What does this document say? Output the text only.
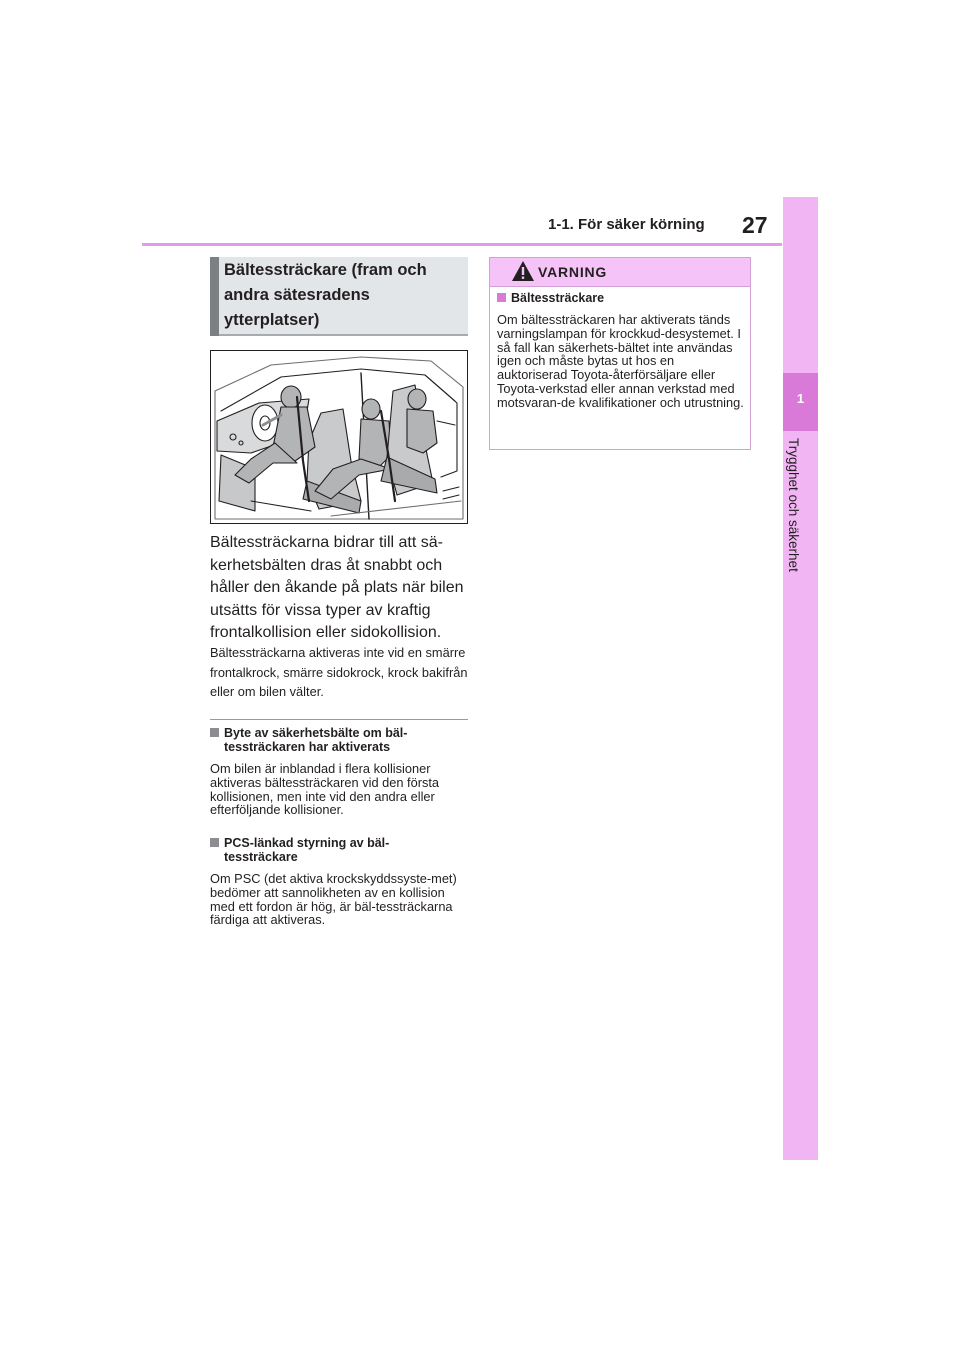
1-1. För säker körning 27
1
Trygghet och säkerhet
Bältessträckare (fram och andra sätesradens ytterplatser)
Bältessträckarna bidrar till att sä-kerhetsbälten dras åt snabbt och håller den åkande på plats när bilen utsätts för vissa typer av kraftig frontalkollision eller sidokollision.
Bältessträckarna aktiveras inte vid en smärre frontalkrock, smärre sidokrock, krock bakifrån eller om bilen välter.
Byte av säkerhetsbälte om bäl-
tessträckaren har aktiverats
Om bilen är inblandad i flera kollisioner aktiveras bältessträckaren vid den första kollisionen, men inte vid den andra eller efterföljande kollisioner.
PCS-länkad styrning av bäl-
tessträckare
Om PSC (det aktiva krockskyddssyste-met) bedömer att sannolikheten av en kollision med ett fordon är hög, är bäl-tessträckarna färdiga att aktiveras.
VARNING
Bältessträckare
Om bältessträckaren har aktiverats tänds varningslampan för krockkud-desystemet. I så fall kan säkerhets-bältet inte användas igen och måste bytas ut hos en auktoriserad Toyota-återförsäljare eller Toyota-verkstad eller annan verkstad med motsvaran-de kvalifikationer och utrustning.
